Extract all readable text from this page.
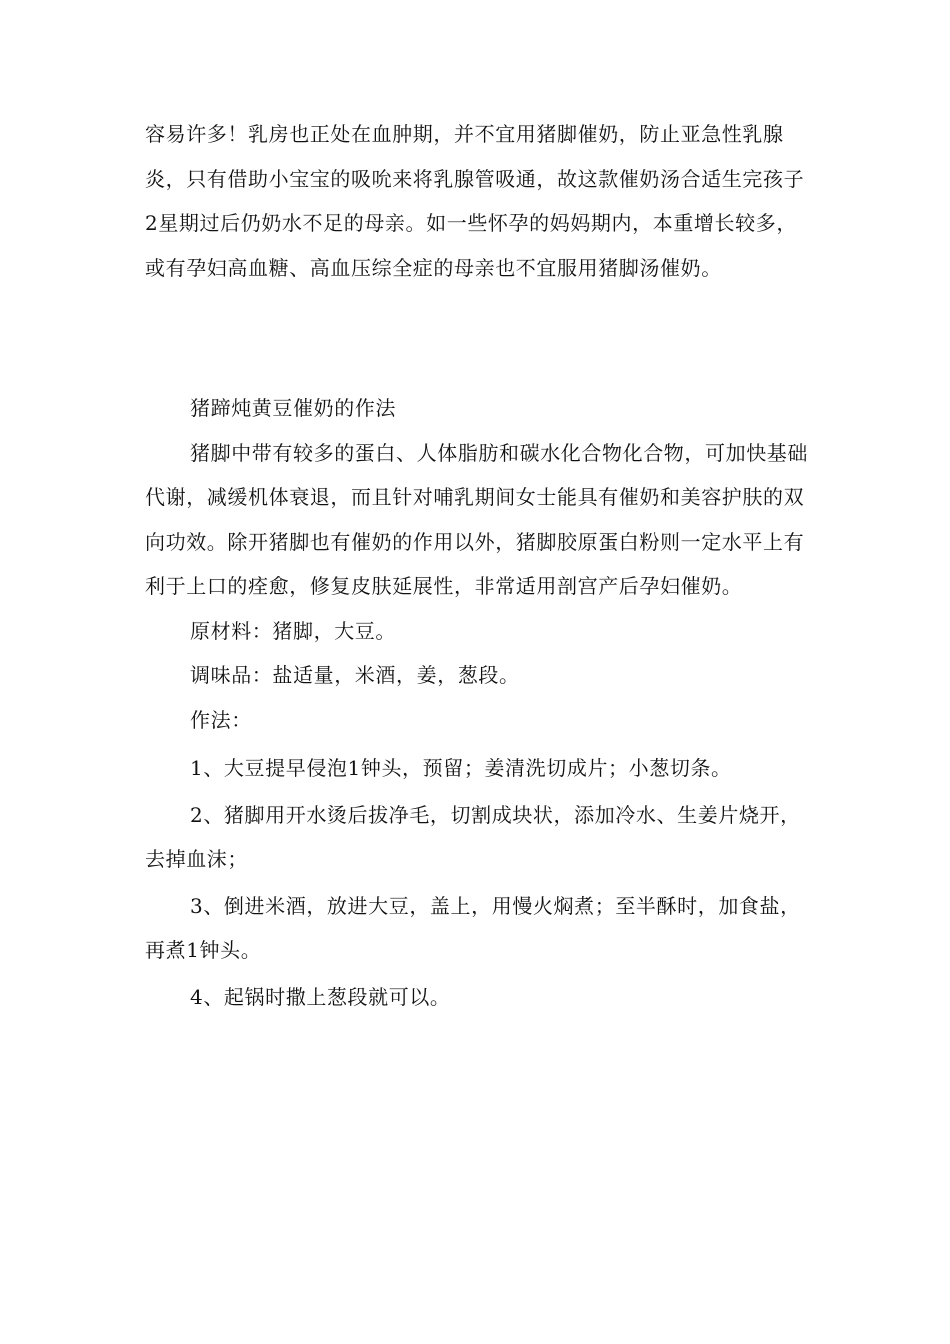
容易许多！乳房也正处在血肿期，并不宜用猪脚催奶，防止亚急性乳腺炎，只有借助小宝宝的吸吮来将乳腺管吸通，故这款催奶汤合适生完孩子2星期过后仍奶水不足的母亲。如一些怀孕的妈妈期内，本重增长较多，或有孕妇高血糖、高血压综全症的母亲也不宜服用猪脚汤催奶。

猪蹄炖黄豆催奶的作法

猪脚中带有较多的蛋白、人体脂肪和碳水化合物化合物，可加快基础代谢，减缓机体衰退，而且针对哺乳期间女士能具有催奶和美容护肤的双向功效。除开猪脚也有催奶的作用以外，猪脚胶原蛋白粉则一定水平上有利于上口的痊愈，修复皮肤延展性，非常适用剖宫产后孕妇催奶。

原材料：猪脚，大豆。

调味品：盐适量，米酒，姜，葱段。

作法：

1、大豆提早侵泡1钟头，预留；姜清洗切成片；小葱切条。

2、猪脚用开水烫后拔净毛，切割成块状，添加冷水、生姜片烧开，去掉血沫；

3、倒进米酒，放进大豆，盖上，用慢火焖煮；至半酥时，加食盐，再煮1钟头。

4、起锅时撒上葱段就可以。
